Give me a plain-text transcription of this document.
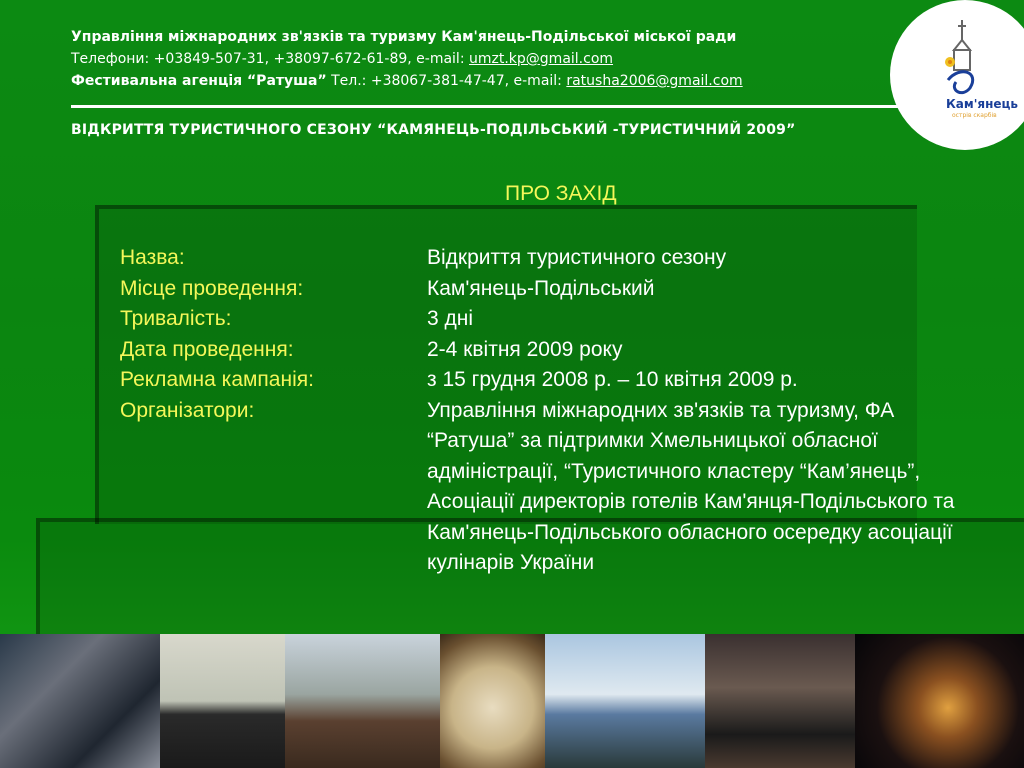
Управління міжнародних зв'язків та туризму Кам'янець-Подільської міської ради
Телефони: +03849-507-31, +38097-672-61-89, e-mail: umzt.kp@gmail.com
Фестивальна агенція “Ратуша” Тел.: +38067-381-47-47, e-mail: ratusha2006@gmail.com
ВІДКРИТТЯ ТУРИСТИЧНОГО СЕЗОНУ “КАМЯНЕЦЬ-ПОДІЛЬСЬКИЙ -ТУРИСТИЧНИЙ 2009”
Кам'янець
острів скарбів
ПРО ЗАХІД
Назва:	Відкриття туристичного сезону
Місце проведення:	Кам'янець-Подільський
Тривалість:	3 дні
Дата проведення:	2-4 квітня 2009 року
Рекламна кампанія:	з 15 грудня 2008 р. – 10 квітня 2009 р.
Організатори:	Управління міжнародних зв'язків та туризму, ФА “Ратуша” за підтримки Хмельницької обласної адміністрації, “Туристичного кластеру “Кам’янець”, Асоціації директорів готелів Кам'янця-Подільського та Кам'янець-Подільського обласного осередку асоціації кулінарів України
